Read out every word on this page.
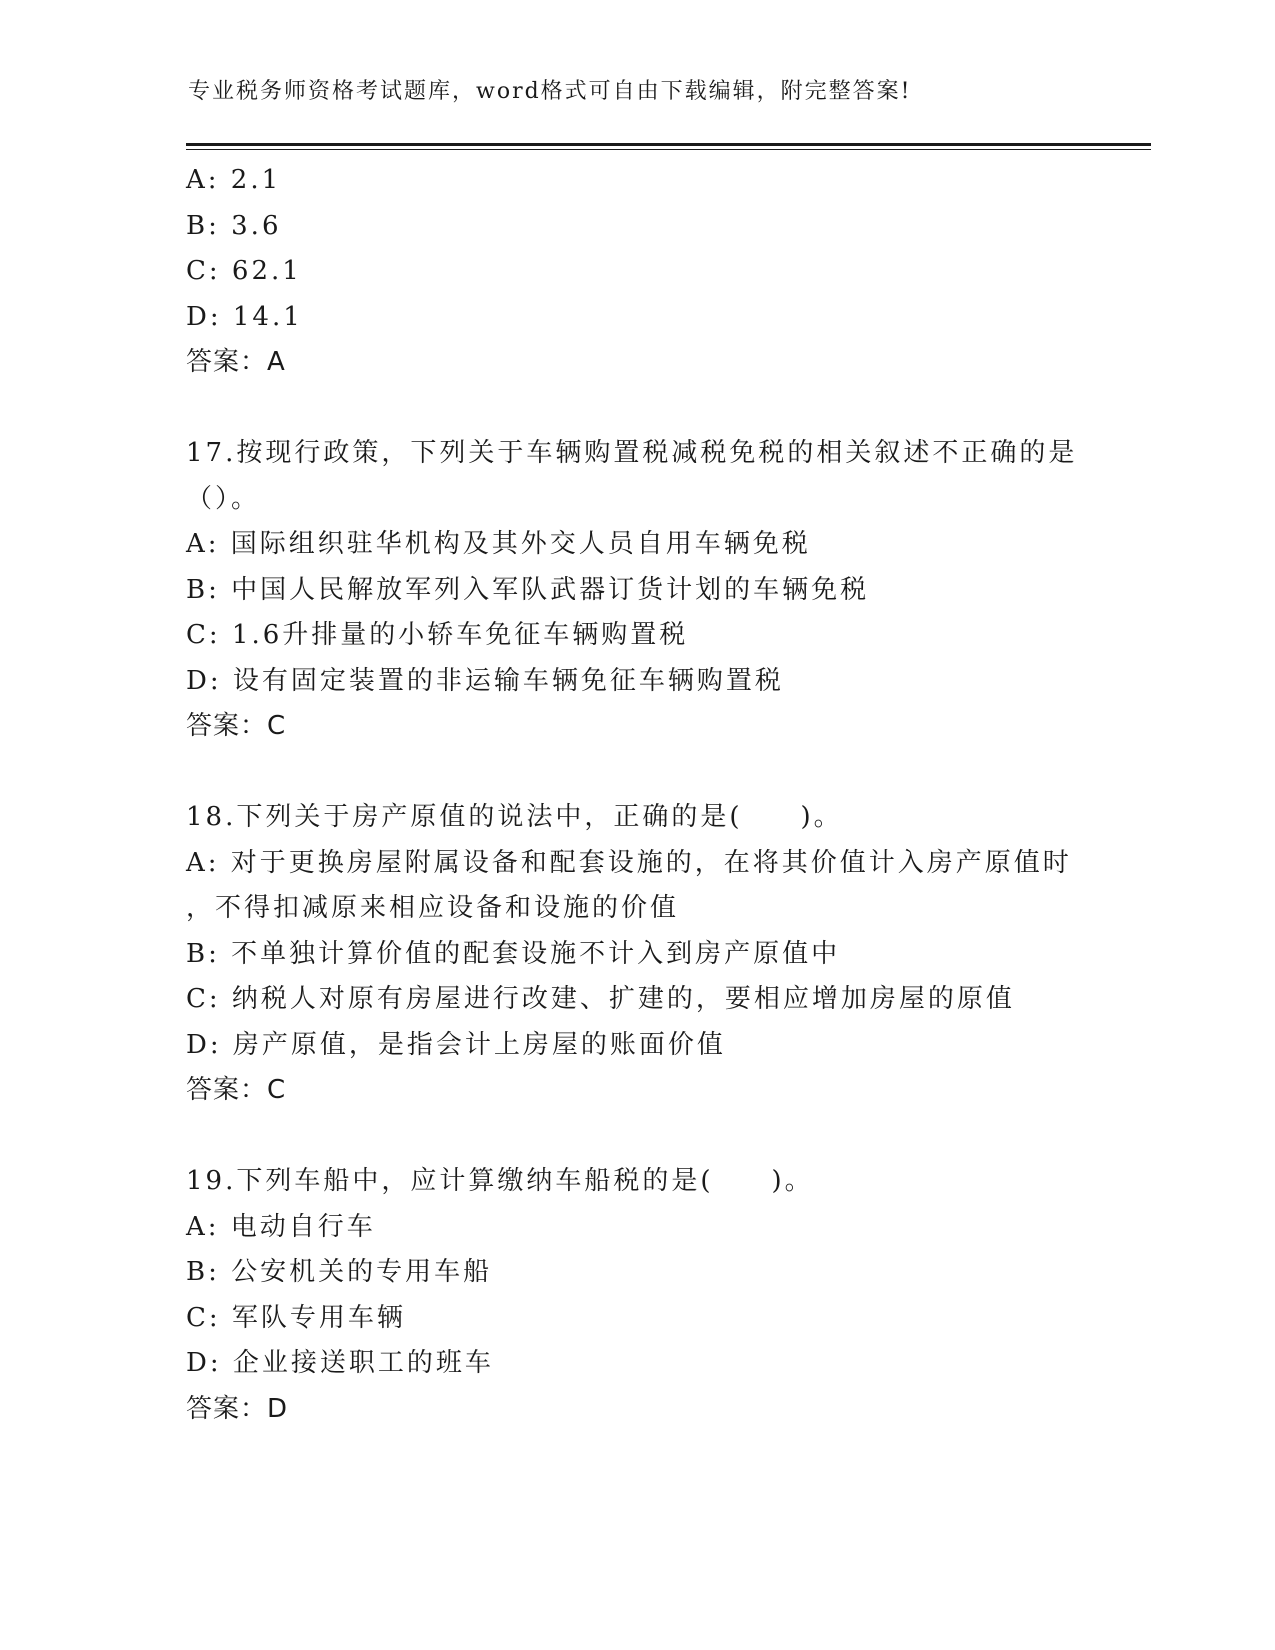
专业税务师资格考试题库，word格式可自由下载编辑，附完整答案!
A: 2.1
B: 3.6
C: 62.1
D: 14.1
答案：A
17.按现行政策，下列关于车辆购置税减税免税的相关叙述不正确的是
（）。
A: 国际组织驻华机构及其外交人员自用车辆免税
B: 中国人民解放军列入军队武器订货计划的车辆免税
C: 1.6升排量的小轿车免征车辆购置税
D: 设有固定装置的非运输车辆免征车辆购置税
答案：C
18.下列关于房产原值的说法中，正确的是(　　)。
A: 对于更换房屋附属设备和配套设施的，在将其价值计入房产原值时
，不得扣减原来相应设备和设施的价值
B: 不单独计算价值的配套设施不计入到房产原值中
C: 纳税人对原有房屋进行改建、扩建的，要相应增加房屋的原值
D: 房产原值，是指会计上房屋的账面价值
答案：C
19.下列车船中，应计算缴纳车船税的是(　　)。
A: 电动自行车
B: 公安机关的专用车船
C: 军队专用车辆
D: 企业接送职工的班车
答案：D
